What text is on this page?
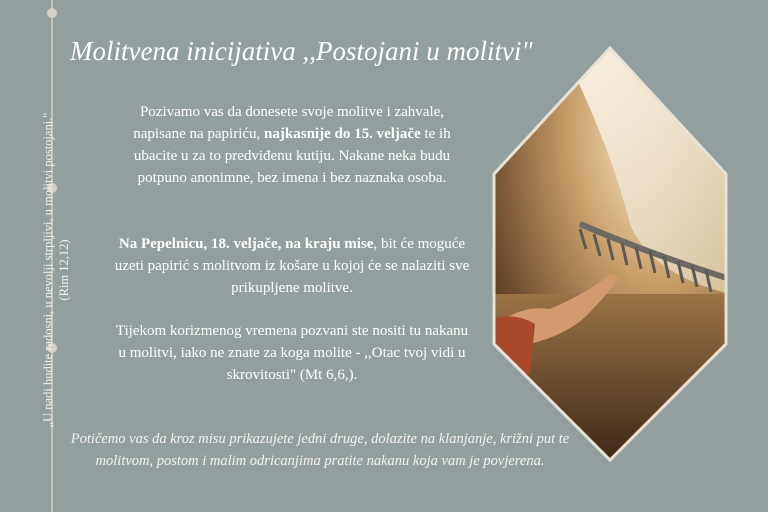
„U nadi budite radosni, u nevolji strpljivi, u molitvi postojani." (Rim 12,12)
Molitvena inicijativa ,,Postojani u molitvi"
Pozivamo vas da donesete svoje molitve i zahvale, napisane na papiriću, najkasnije do 15. veljače te ih ubacite u za to predviđenu kutiju. Nakane neka budu potpuno anonimne, bez imena i bez naznaka osoba.
Na Pepelnicu, 18. veljače, na kraju mise, bit će moguće uzeti papirić s molitvom iz košare u kojoj će se nalaziti sve prikupljene molitve.
Tijekom korizmenog vremena pozvani ste nositi tu nakanu u molitvi, iako ne znate za koga molite - ,,Otac tvoj vidi u skrovitosti" (Mt 6,6,).
Potičemo vas da kroz misu prikazujete jedni druge, dolazite na klanjanje, križni put te molitvom, postom i malim odricanjima pratite nakanu koja vam je povjerena.
